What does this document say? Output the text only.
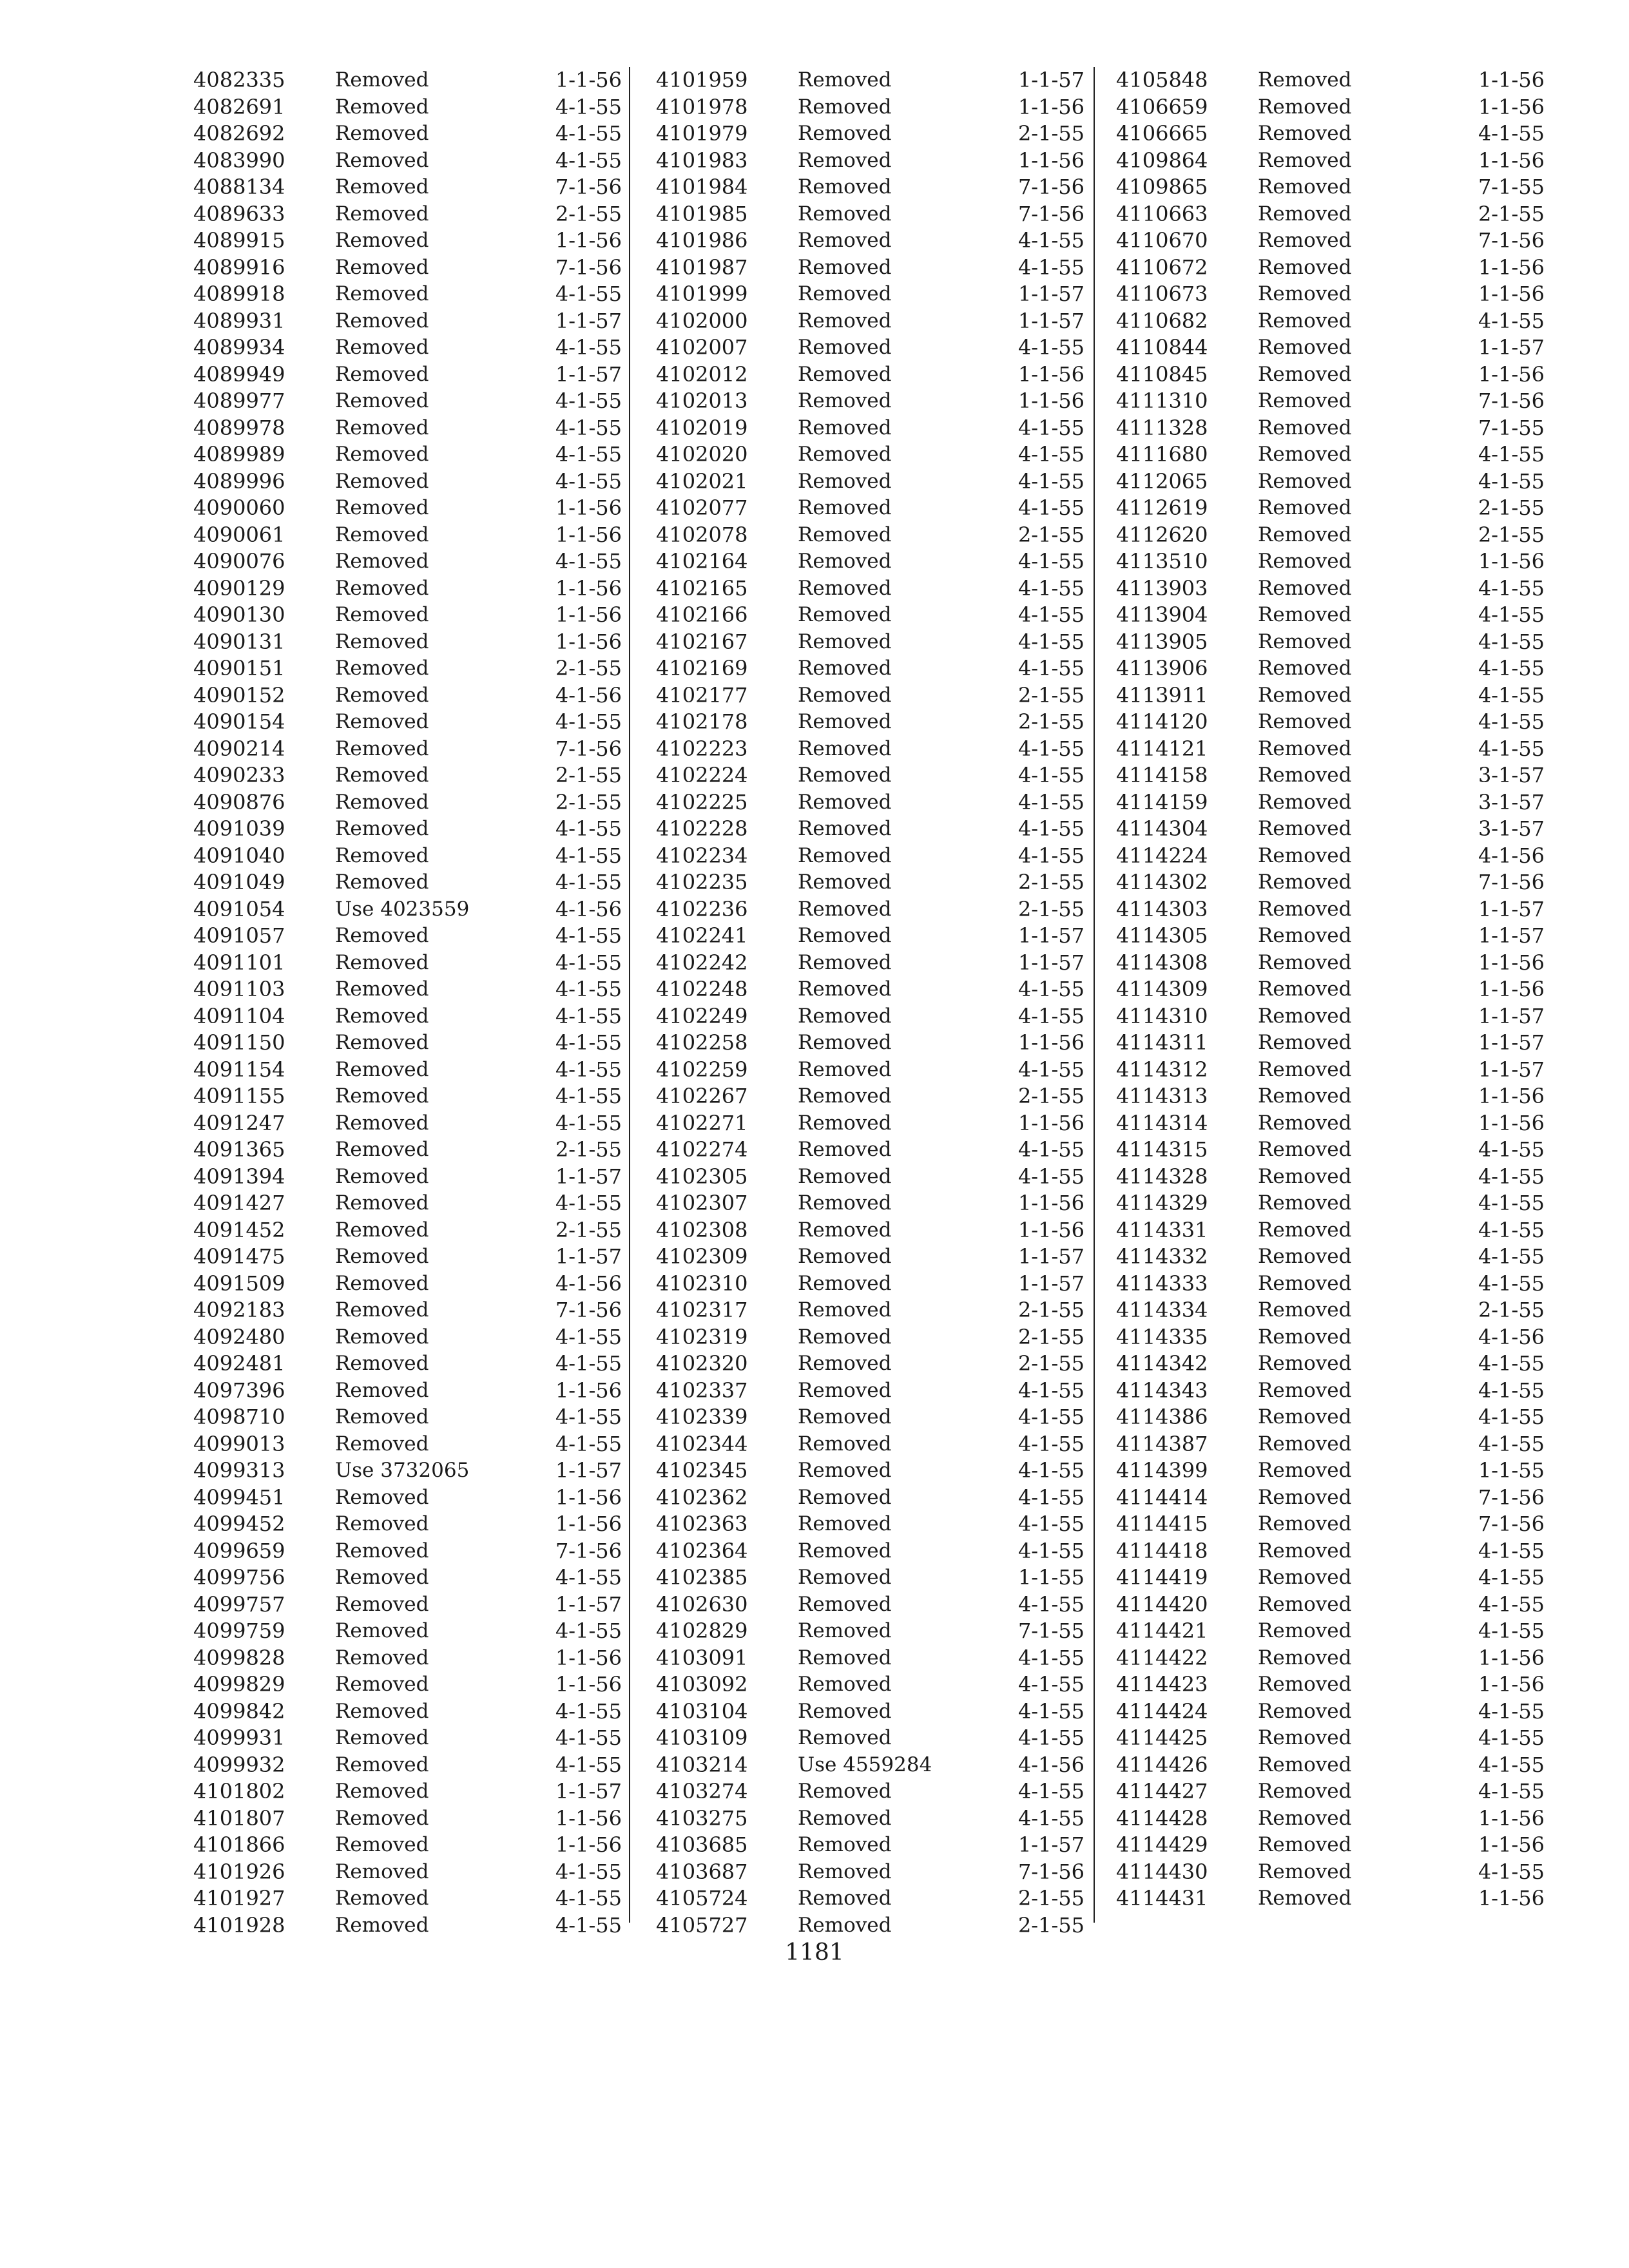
4082335	Removed	1-1-56
4082691	Removed	4-1-55
4082692	Removed	4-1-55
4083990	Removed	4-1-55
4088134	Removed	7-1-56
4089633	Removed	2-1-55
4089915	Removed	1-1-56
4089916	Removed	7-1-56
4089918	Removed	4-1-55
4089931	Removed	1-1-57
4089934	Removed	4-1-55
4089949	Removed	1-1-57
4089977	Removed	4-1-55
4089978	Removed	4-1-55
4089989	Removed	4-1-55
4089996	Removed	4-1-55
4090060	Removed	1-1-56
4090061	Removed	1-1-56
4090076	Removed	4-1-55
4090129	Removed	1-1-56
4090130	Removed	1-1-56
4090131	Removed	1-1-56
4090151	Removed	2-1-55
4090152	Removed	4-1-56
4090154	Removed	4-1-55
4090214	Removed	7-1-56
4090233	Removed	2-1-55
4090876	Removed	2-1-55
4091039	Removed	4-1-55
4091040	Removed	4-1-55
4091049	Removed	4-1-55
4091054	Use 4023559	4-1-56
4091057	Removed	4-1-55
4091101	Removed	4-1-55
4091103	Removed	4-1-55
4091104	Removed	4-1-55
4091150	Removed	4-1-55
4091154	Removed	4-1-55
4091155	Removed	4-1-55
4091247	Removed	4-1-55
4091365	Removed	2-1-55
4091394	Removed	1-1-57
4091427	Removed	4-1-55
4091452	Removed	2-1-55
4091475	Removed	1-1-57
4091509	Removed	4-1-56
4092183	Removed	7-1-56
4092480	Removed	4-1-55
4092481	Removed	4-1-55
4097396	Removed	1-1-56
4098710	Removed	4-1-55
4099013	Removed	4-1-55
4099313	Use 3732065	1-1-57
4099451	Removed	1-1-56
4099452	Removed	1-1-56
4099659	Removed	7-1-56
4099756	Removed	4-1-55
4099757	Removed	1-1-57
4099759	Removed	4-1-55
4099828	Removed	1-1-56
4099829	Removed	1-1-56
4099842	Removed	4-1-55
4099931	Removed	4-1-55
4099932	Removed	4-1-55
4101802	Removed	1-1-57
4101807	Removed	1-1-56
4101866	Removed	1-1-56
4101926	Removed	4-1-55
4101927	Removed	4-1-55
4101928	Removed	4-1-55
4101959	Removed	1-1-57
4101978	Removed	1-1-56
4101979	Removed	2-1-55
4101983	Removed	1-1-56
4101984	Removed	7-1-56
4101985	Removed	7-1-56
4101986	Removed	4-1-55
4101987	Removed	4-1-55
4101999	Removed	1-1-57
4102000	Removed	1-1-57
4102007	Removed	4-1-55
4102012	Removed	1-1-56
4102013	Removed	1-1-56
4102019	Removed	4-1-55
4102020	Removed	4-1-55
4102021	Removed	4-1-55
4102077	Removed	4-1-55
4102078	Removed	2-1-55
4102164	Removed	4-1-55
4102165	Removed	4-1-55
4102166	Removed	4-1-55
4102167	Removed	4-1-55
4102169	Removed	4-1-55
4102177	Removed	2-1-55
4102178	Removed	2-1-55
4102223	Removed	4-1-55
4102224	Removed	4-1-55
4102225	Removed	4-1-55
4102228	Removed	4-1-55
4102234	Removed	4-1-55
4102235	Removed	2-1-55
4102236	Removed	2-1-55
4102241	Removed	1-1-57
4102242	Removed	1-1-57
4102248	Removed	4-1-55
4102249	Removed	4-1-55
4102258	Removed	1-1-56
4102259	Removed	4-1-55
4102267	Removed	2-1-55
4102271	Removed	1-1-56
4102274	Removed	4-1-55
4102305	Removed	4-1-55
4102307	Removed	1-1-56
4102308	Removed	1-1-56
4102309	Removed	1-1-57
4102310	Removed	1-1-57
4102317	Removed	2-1-55
4102319	Removed	2-1-55
4102320	Removed	2-1-55
4102337	Removed	4-1-55
4102339	Removed	4-1-55
4102344	Removed	4-1-55
4102345	Removed	4-1-55
4102362	Removed	4-1-55
4102363	Removed	4-1-55
4102364	Removed	4-1-55
4102385	Removed	1-1-55
4102630	Removed	4-1-55
4102829	Removed	7-1-55
4103091	Removed	4-1-55
4103092	Removed	4-1-55
4103104	Removed	4-1-55
4103109	Removed	4-1-55
4103214	Use 4559284	4-1-56
4103274	Removed	4-1-55
4103275	Removed	4-1-55
4103685	Removed	1-1-57
4103687	Removed	7-1-56
4105724	Removed	2-1-55
4105727	Removed	2-1-55
4105848	Removed	1-1-56
4106659	Removed	1-1-56
4106665	Removed	4-1-55
4109864	Removed	1-1-56
4109865	Removed	7-1-55
4110663	Removed	2-1-55
4110670	Removed	7-1-56
4110672	Removed	1-1-56
4110673	Removed	1-1-56
4110682	Removed	4-1-55
4110844	Removed	1-1-57
4110845	Removed	1-1-56
4111310	Removed	7-1-56
4111328	Removed	7-1-55
4111680	Removed	4-1-55
4112065	Removed	4-1-55
4112619	Removed	2-1-55
4112620	Removed	2-1-55
4113510	Removed	1-1-56
4113903	Removed	4-1-55
4113904	Removed	4-1-55
4113905	Removed	4-1-55
4113906	Removed	4-1-55
4113911	Removed	4-1-55
4114120	Removed	4-1-55
4114121	Removed	4-1-55
4114158	Removed	3-1-57
4114159	Removed	3-1-57
4114304	Removed	3-1-57
4114224	Removed	4-1-56
4114302	Removed	7-1-56
4114303	Removed	1-1-57
4114305	Removed	1-1-57
4114308	Removed	1-1-56
4114309	Removed	1-1-56
4114310	Removed	1-1-57
4114311	Removed	1-1-57
4114312	Removed	1-1-57
4114313	Removed	1-1-56
4114314	Removed	1-1-56
4114315	Removed	4-1-55
4114328	Removed	4-1-55
4114329	Removed	4-1-55
4114331	Removed	4-1-55
4114332	Removed	4-1-55
4114333	Removed	4-1-55
4114334	Removed	2-1-55
4114335	Removed	4-1-56
4114342	Removed	4-1-55
4114343	Removed	4-1-55
4114386	Removed	4-1-55
4114387	Removed	4-1-55
4114399	Removed	1-1-55
4114414	Removed	7-1-56
4114415	Removed	7-1-56
4114418	Removed	4-1-55
4114419	Removed	4-1-55
4114420	Removed	4-1-55
4114421	Removed	4-1-55
4114422	Removed	1-1-56
4114423	Removed	1-1-56
4114424	Removed	4-1-55
4114425	Removed	4-1-55
4114426	Removed	4-1-55
4114427	Removed	4-1-55
4114428	Removed	1-1-56
4114429	Removed	1-1-56
4114430	Removed	4-1-55
4114431	Removed	1-1-56
1181
